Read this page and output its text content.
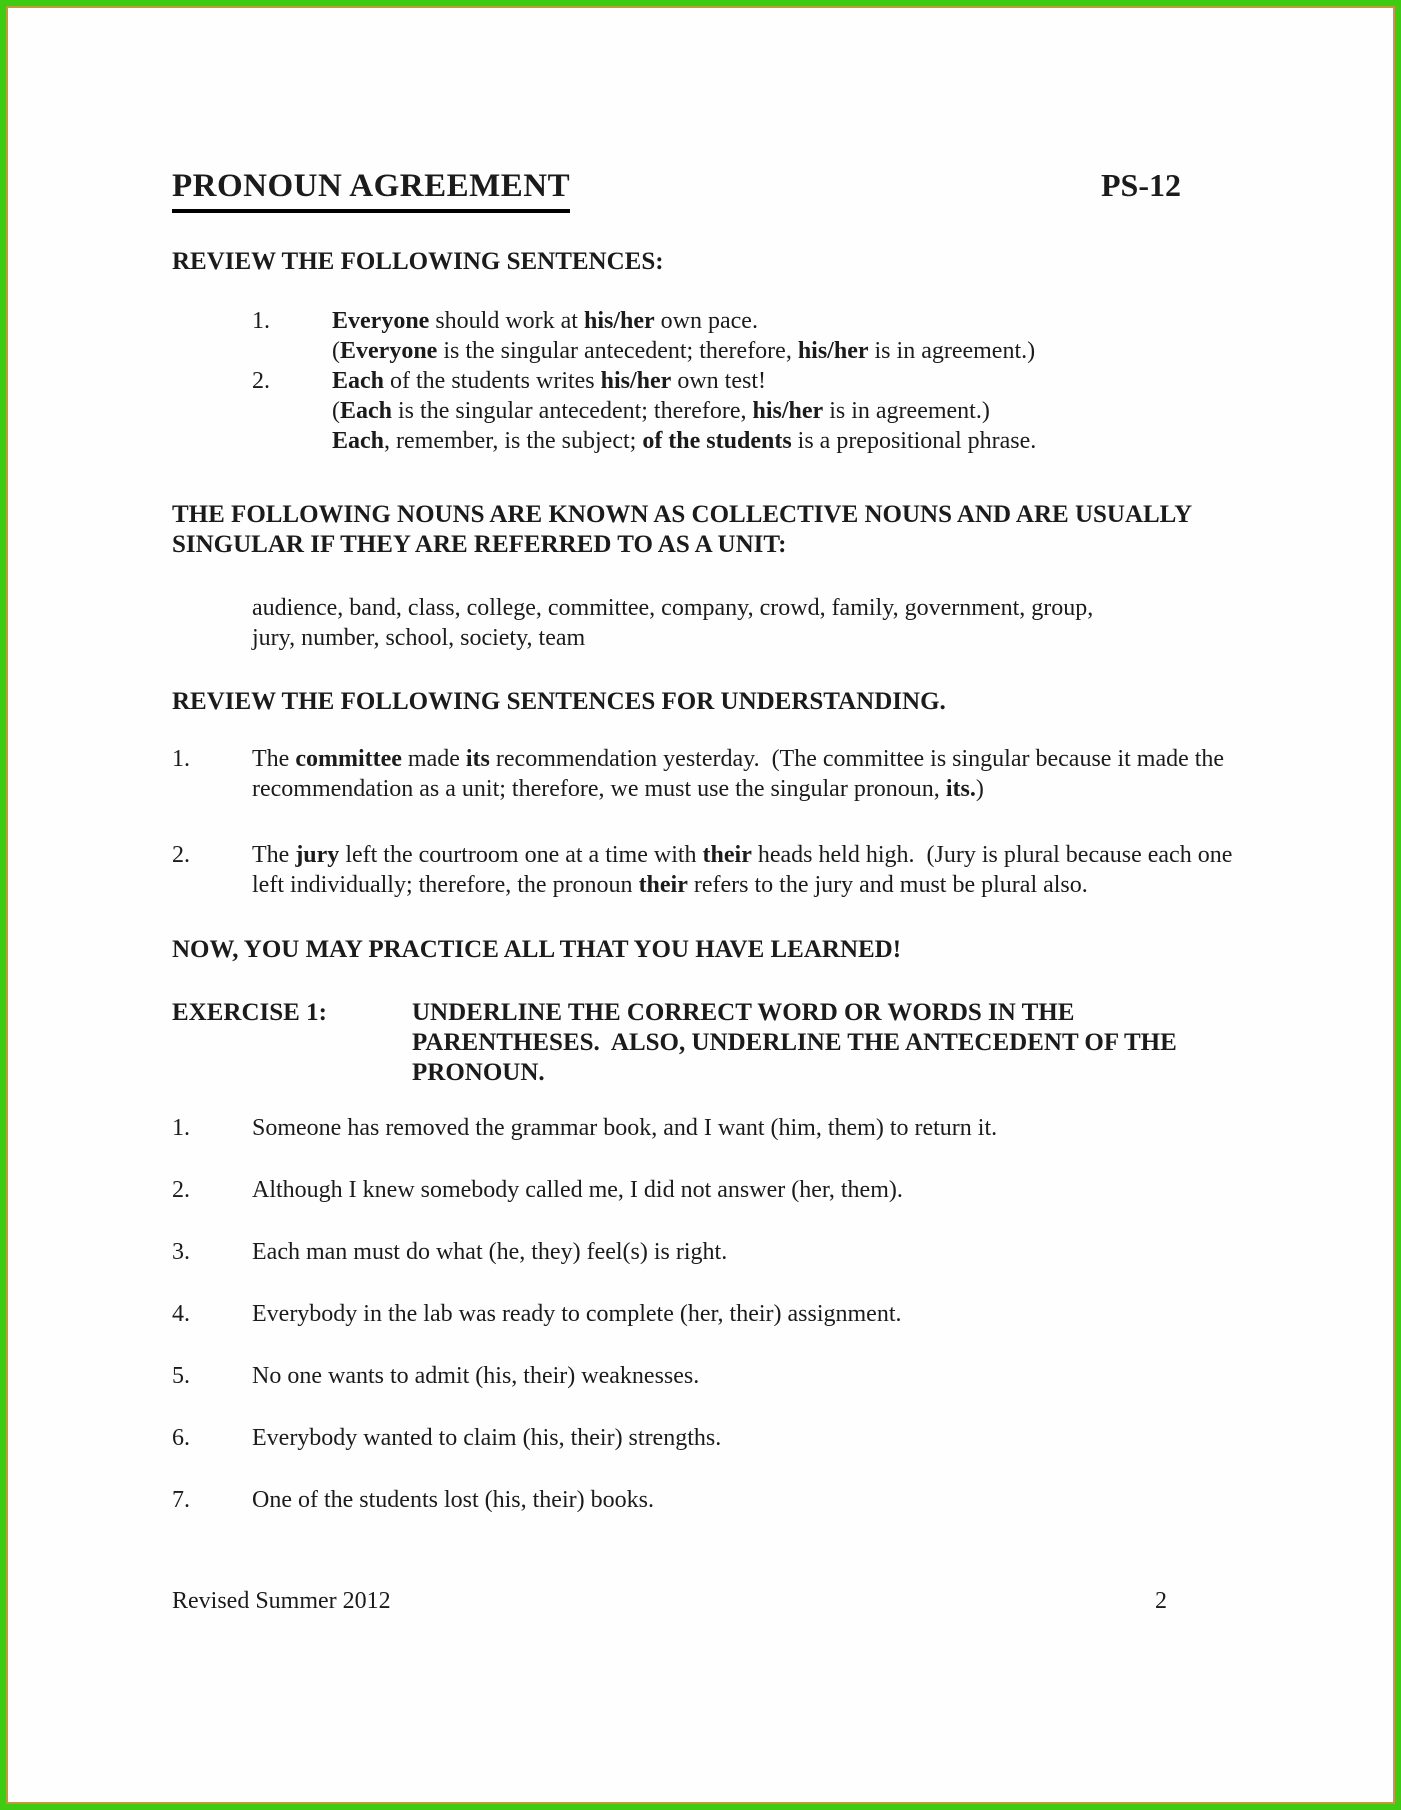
PRONOUN AGREEMENT	PS-12
REVIEW THE FOLLOWING SENTENCES:
1.	Everyone should work at his/her own pace.
(Everyone is the singular antecedent; therefore, his/her is in agreement.)
2.	Each of the students writes his/her own test!
(Each is the singular antecedent; therefore, his/her is in agreement.)
Each, remember, is the subject; of the students is a prepositional phrase.
THE FOLLOWING NOUNS ARE KNOWN AS COLLECTIVE NOUNS AND ARE USUALLY SINGULAR IF THEY ARE REFERRED TO AS A UNIT:

audience, band, class, college, committee, company, crowd, family, government, group, jury, number, school, society, team

REVIEW THE FOLLOWING SENTENCES FOR UNDERSTANDING.
1.	The committee made its recommendation yesterday.  (The committee is singular because it made the recommendation as a unit; therefore, we must use the singular pronoun, its.)
2.	The jury left the courtroom one at a time with their heads held high.  (Jury is plural because each one left individually; therefore, the pronoun their refers to the jury and must be plural also.
NOW, YOU MAY PRACTICE ALL THAT YOU HAVE LEARNED!
EXERCISE 1:	UNDERLINE THE CORRECT WORD OR WORDS IN THE PARENTHESES.  ALSO, UNDERLINE THE ANTECEDENT OF THE PRONOUN.
1.	Someone has removed the grammar book, and I want (him, them) to return it.
2.	Although I knew somebody called me, I did not answer (her, them).
3.	Each man must do what (he, they) feel(s) is right.
4.	Everybody in the lab was ready to complete (her, their) assignment.
5.	No one wants to admit (his, their) weaknesses.
6.	Everybody wanted to claim (his, their) strengths.
7.	One of the students lost (his, their) books.
Revised Summer 2012	2
